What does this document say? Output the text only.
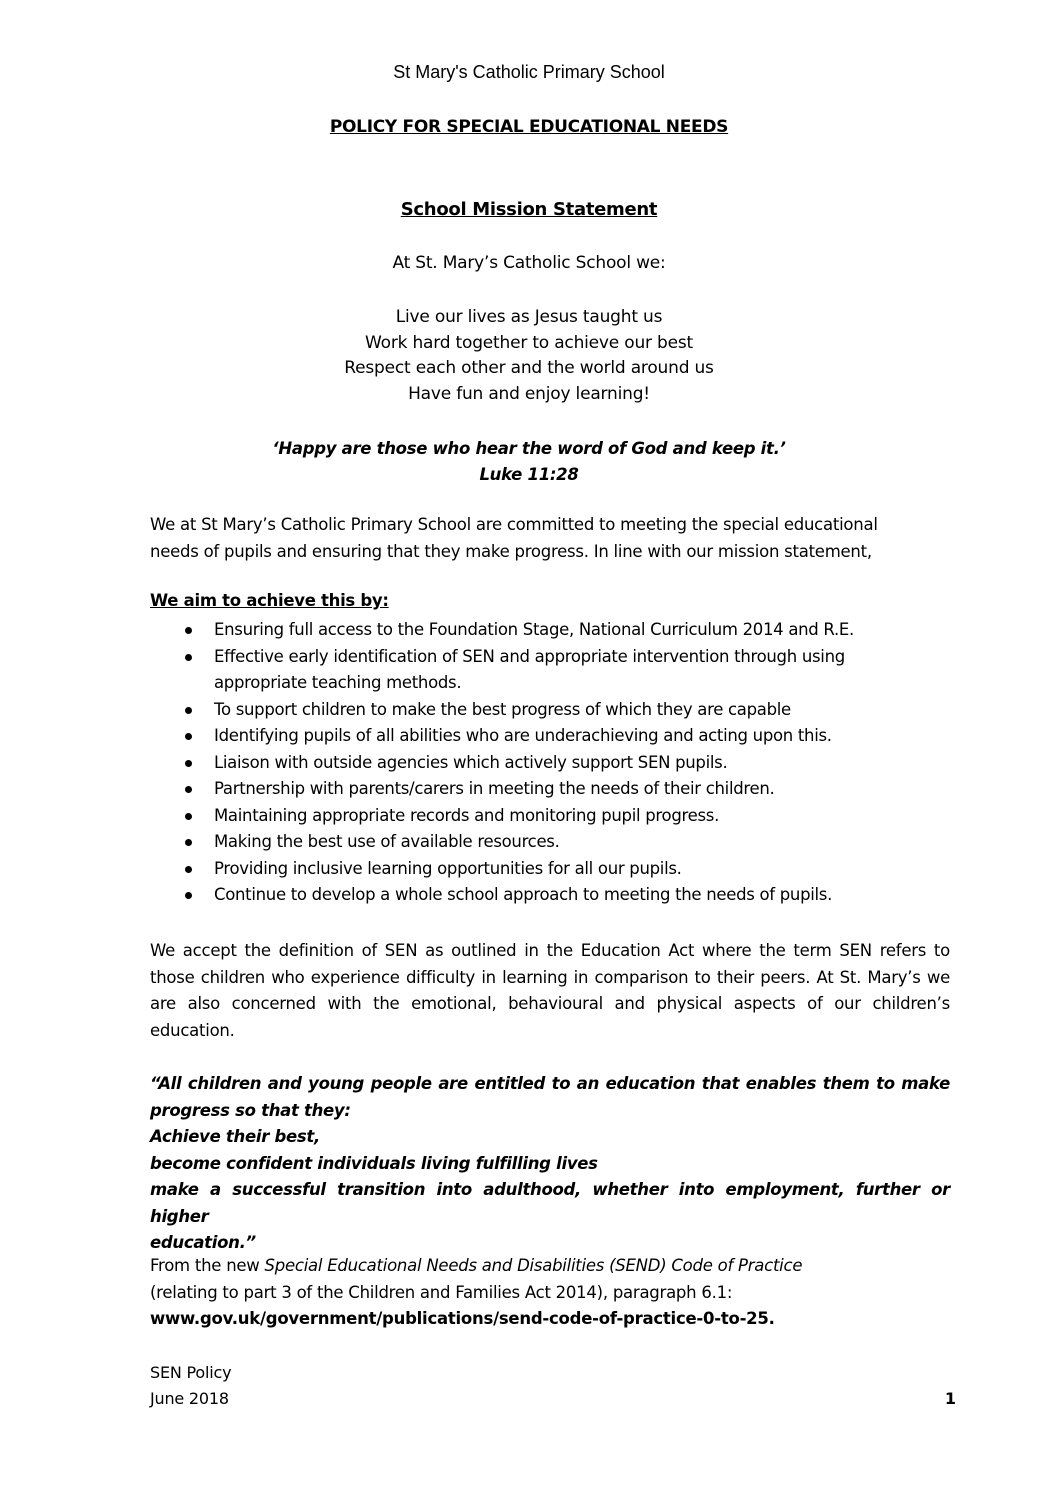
St Mary's Catholic Primary School
POLICY FOR SPECIAL EDUCATIONAL NEEDS
School Mission Statement
At St. Mary’s Catholic School we:
Live our lives as Jesus taught us
Work hard together to achieve our best
Respect each other and the world around us
Have fun and enjoy learning!
‘Happy are those who hear the word of God and keep it.’
Luke 11:28
We at St Mary’s Catholic Primary School are committed to meeting the special educational
needs of pupils and ensuring that they make progress. In line with our mission statement,
We aim to achieve this by:
Ensuring full access to the Foundation Stage, National Curriculum 2014 and R.E.
Effective early identification of SEN and appropriate intervention through using appropriate teaching methods.
To support children to make the best progress of which they are capable
Identifying pupils of all abilities who are underachieving and acting upon this.
Liaison with outside agencies which actively support SEN pupils.
Partnership with parents/carers in meeting the needs of their children.
Maintaining appropriate records and monitoring pupil progress.
Making the best use of available resources.
Providing inclusive learning opportunities for all our pupils.
Continue to develop a whole school approach to meeting the needs of pupils.
We accept the definition of SEN as outlined in the Education Act where the term SEN refers to those children who experience difficulty in learning in comparison to their peers. At St. Mary’s we are also concerned with the emotional, behavioural and physical aspects of our children’s education.
“All children and young people are entitled to an education that enables them to make
progress so that they:
Achieve their best,
become confident individuals living fulfilling lives
make a successful transition into adulthood, whether into employment, further or higher
education.”
From the new Special Educational Needs and Disabilities (SEND) Code of Practice
(relating to part 3 of the Children and Families Act 2014), paragraph 6.1:
www.gov.uk/government/publications/send-code-of-practice-0-to-25.
SEN Policy
June 2018	1
